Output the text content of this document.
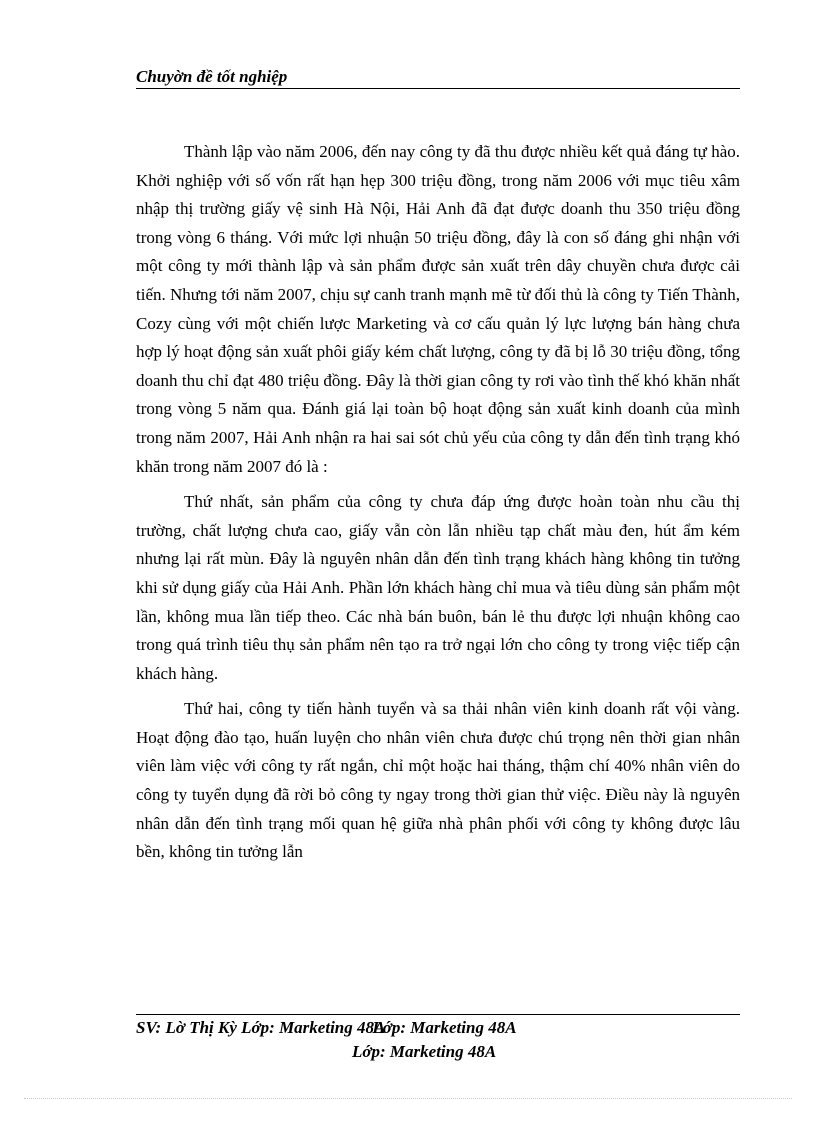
Chuyờn đề tốt nghiệp

Thành lập vào năm 2006, đến nay công ty đã thu được nhiều kết quả đáng tự hào. Khởi nghiệp với số vốn rất hạn hẹp 300 triệu đồng, trong năm 2006 với mục tiêu xâm nhập thị trường giấy vệ sinh Hà Nội, Hải Anh đã đạt được doanh thu 350 triệu đồng trong vòng 6 tháng. Với mức lợi nhuận 50 triệu đồng, đây là con số đáng ghi nhận với một công ty mới thành lập và sản phẩm được sản xuất trên dây chuyền chưa được cải tiến. Nhưng tới năm 2007, chịu sự canh tranh mạnh mẽ từ đối thủ là công ty Tiến Thành, Cozy cùng với một chiến lược Marketing và cơ cấu quản lý lực lượng bán hàng chưa hợp lý hoạt động sản xuất phôi giấy kém chất lượng, công ty đã bị lỗ 30 triệu đồng, tổng doanh thu chỉ đạt 480 triệu đồng. Đây là thời gian công ty rơi vào tình thế khó khăn nhất trong vòng 5 năm qua. Đánh giá lại toàn bộ hoạt động sản xuất kinh doanh của mình trong năm 2007, Hải Anh nhận ra hai sai sót chủ yếu của công ty dẫn đến tình trạng khó khăn trong năm 2007 đó là :

Thứ nhất, sản phẩm của công ty chưa đáp ứng được hoàn toàn nhu cầu thị trường, chất lượng chưa cao, giấy vẫn còn lẫn nhiều tạp chất màu đen, hút ẩm kém nhưng lại rất mùn. Đây là nguyên nhân dẫn đến tình trạng khách hàng không tin tưởng khi sử dụng giấy của Hải Anh. Phần lớn khách hàng chỉ mua và tiêu dùng sản phẩm một lần, không mua lần tiếp theo. Các nhà bán buôn, bán lẻ thu được lợi nhuận không cao trong quá trình tiêu thụ sản phẩm nên tạo ra trở ngại lớn cho công ty trong việc tiếp cận khách hàng.

Thứ hai, công ty tiến hành tuyển và sa thải nhân viên kinh doanh rất vội vàng. Hoạt động đào tạo, huấn luyện cho nhân viên chưa được chú trọng nên thời gian nhân viên làm việc với công ty rất ngắn, chỉ một hoặc hai tháng, thậm chí 40% nhân viên do công ty tuyển dụng đã rời bỏ công ty ngay trong thời gian thử việc. Điều này là nguyên nhân dẫn đến tình trạng mối quan hệ giữa nhà phân phối với công ty không được lâu bền, không tin tưởng lẫn

SV: Lờ Thị Kỳ Lớp: Marketing 48ALớp: Marketing 48A
Lớp: Marketing 48A
